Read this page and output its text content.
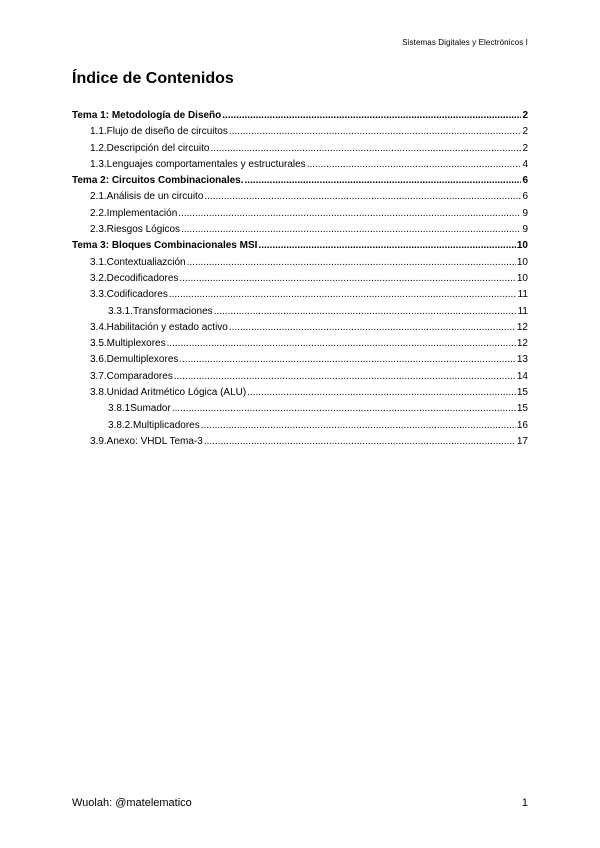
Sistemas Digitales y Electrónicos I
Índice de Contenidos
Tema 1: Metodología de Diseño .....	2
1.1.Flujo de diseño de circuitos .....	2
1.2.Descripción del circuito .....	2
1.3.Lenguajes comportamentales y estructurales .....	4
Tema 2: Circuitos Combinacionales. .....	6
2.1.Análisis de un circuito .....	6
2.2.Implementación .....	9
2.3.Riesgos Lógicos .....	9
Tema 3: Bloques Combinacionales MSI .....	10
3.1.Contextualiazción .....	10
3.2.Decodificadores .....	10
3.3.Codificadores .....	11
3.3.1.Transformaciones .....	11
3.4.Habilitación y estado activo .....	12
3.5.Multiplexores .....	12
3.6.Demultiplexores .....	13
3.7.Comparadores .....	14
3.8.Unidad Aritmético Lógica (ALU) .....	15
3.8.1Sumador .....	15
3.8.2.Multiplicadores .....	16
3.9.Anexo: VHDL Tema-3 .....	17
Wuolah: @matelematico	1
